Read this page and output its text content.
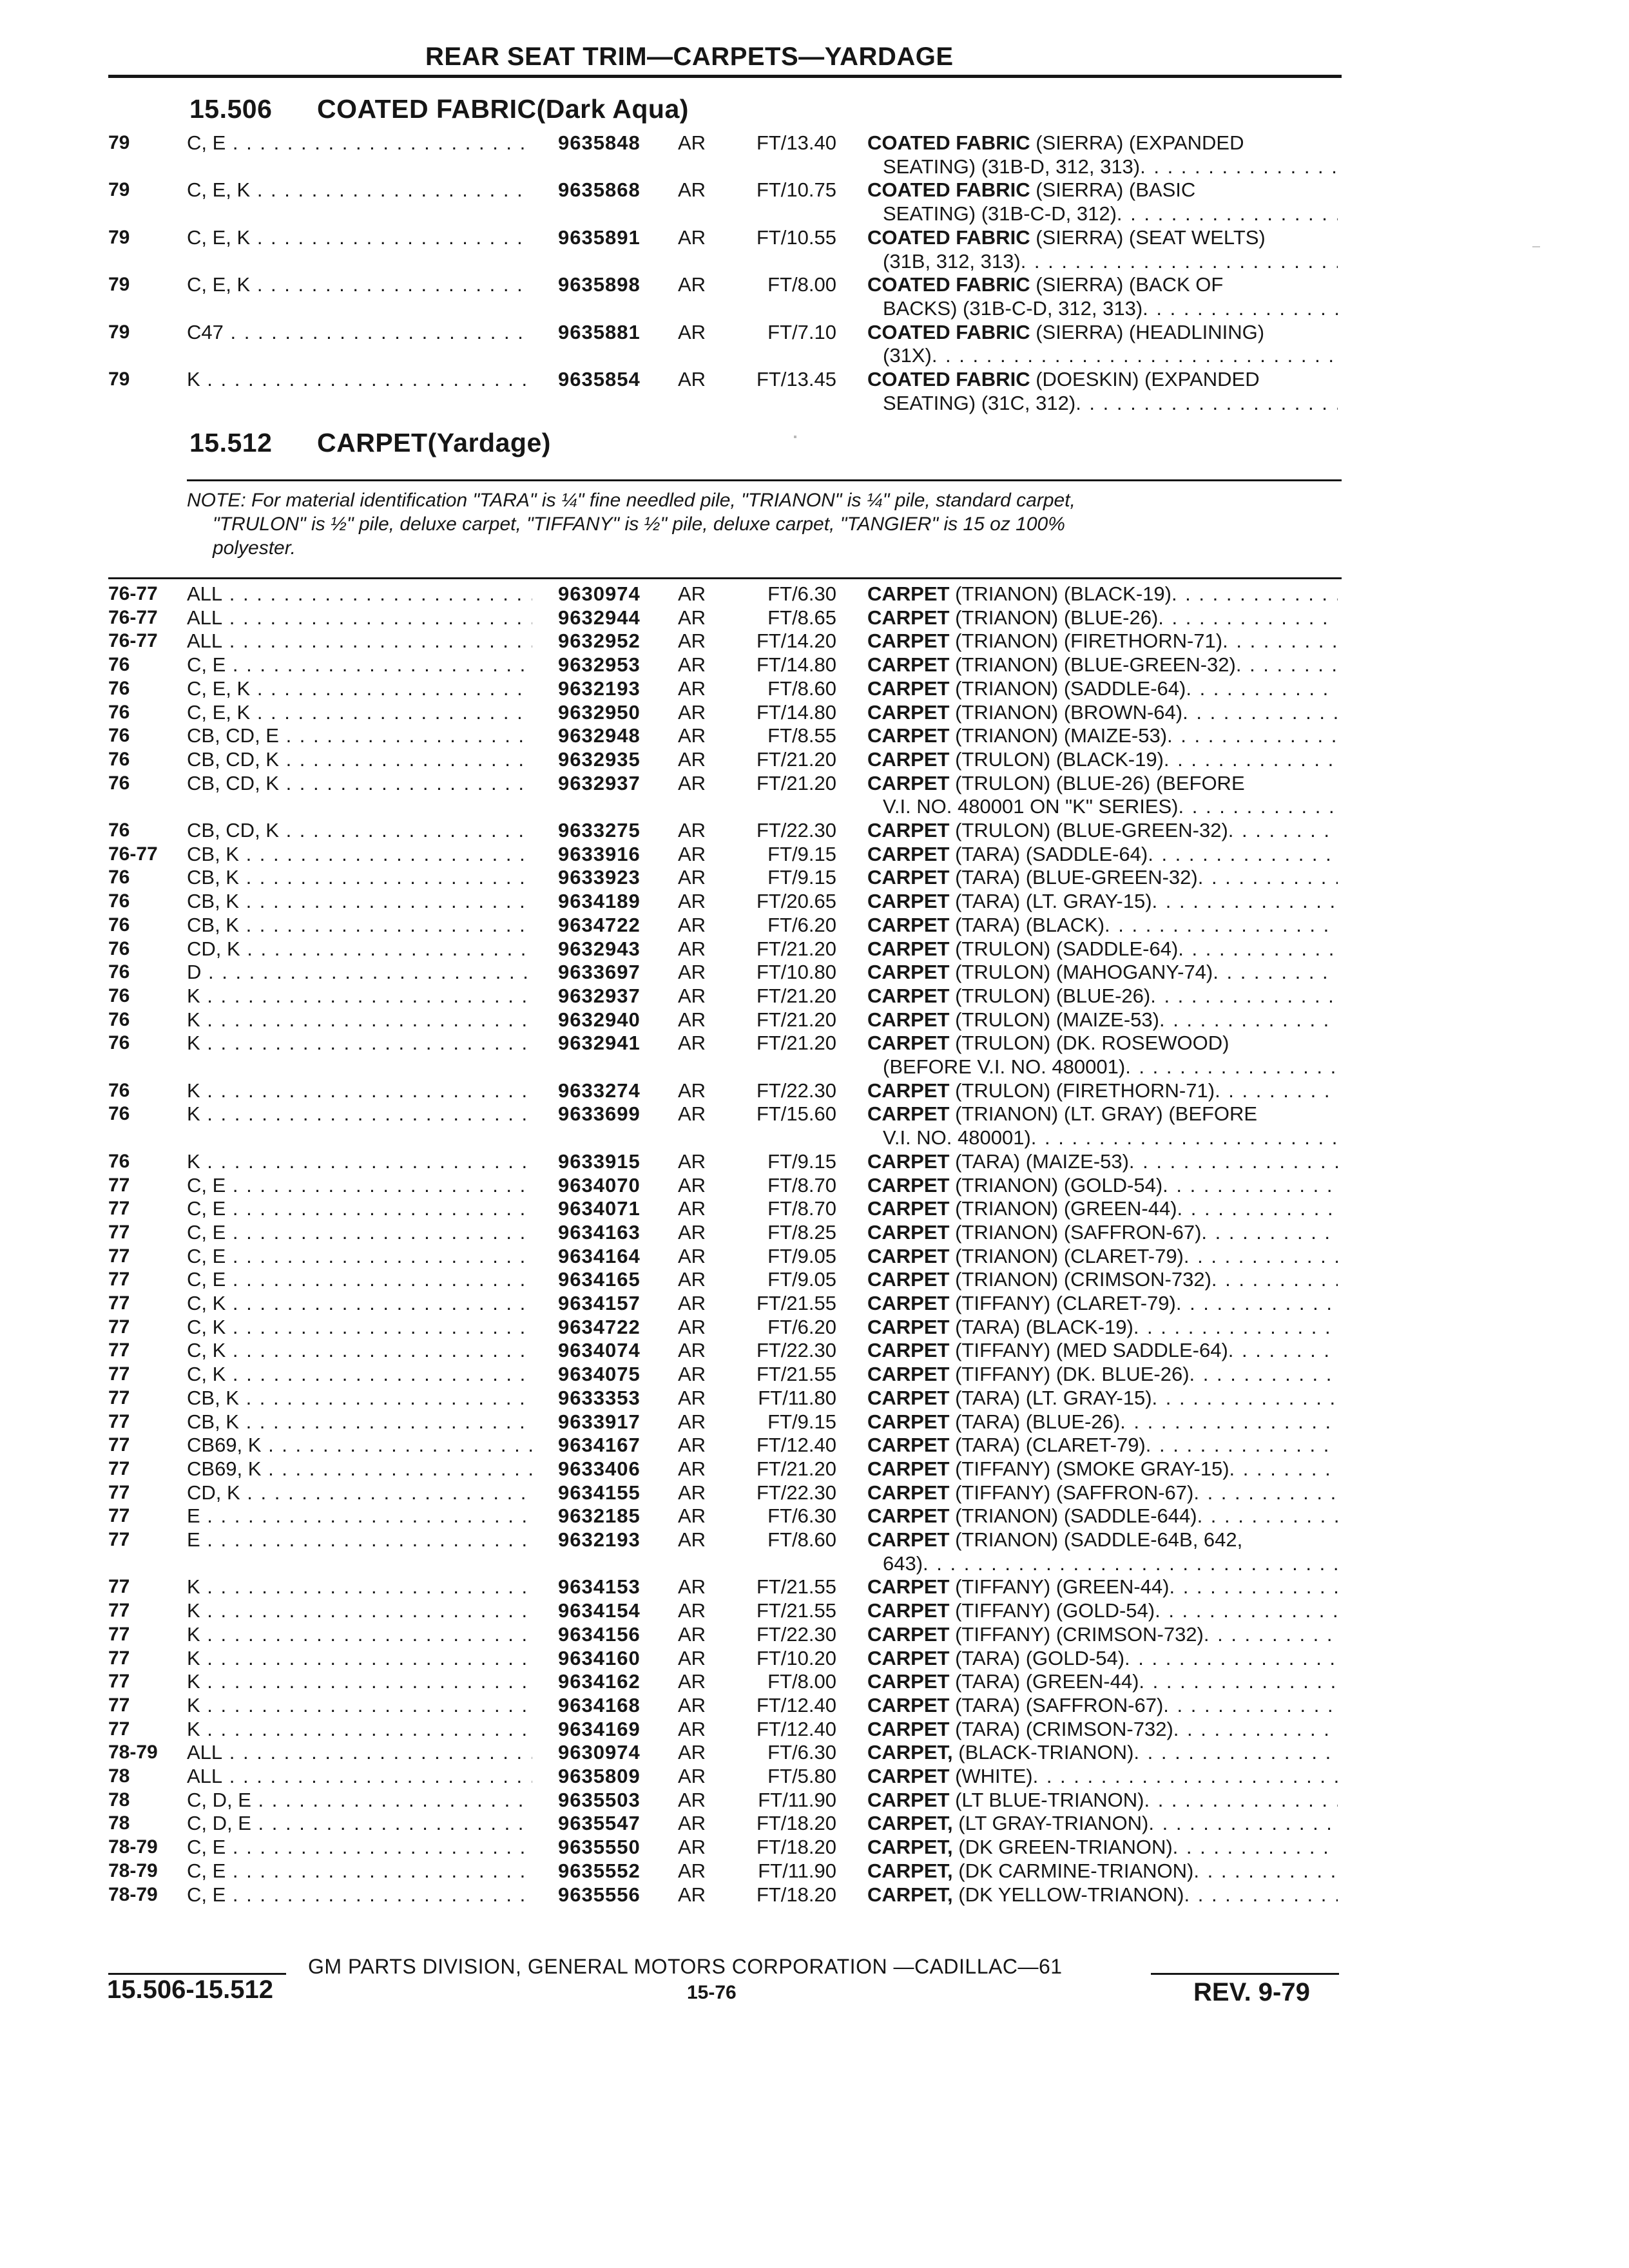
REAR SEAT TRIM—CARPETS—YARDAGE
15.506 COATED FABRIC(Dark Aqua)
79	C, E . . .	9635848 AR	FT/13.40 COATED FABRIC
(SIERRA) (EXPANDED
SEATING) (31B-D, 312, 313)
. . .
79	C, E, K . . .	9635868 AR	FT/10.75 COATED FABRIC
(SIERRA) (BASIC
SEATING) (31B-C-D, 312)
. . .
79	C, E, K . . .	9635891 AR	FT/10.55 COATED FABRIC
(SIERRA) (SEAT WELTS)
(31B, 312, 313)
. . .
79	C, E, K . . .	9635898 AR	FT/8.00 COATED FABRIC
(SIERRA) (BACK OF
BACKS) (31B-C-D, 312, 313)
. . .
79	C47 . . .	9635881 AR	FT/7.10 COATED FABRIC
(SIERRA) (HEADLINING)
(31X)
. . .
79	K . . .	9635854 AR	FT/13.45 COATED FABRIC
(DOESKIN) (EXPANDED
SEATING) (31C, 312)
. . .
15.512 CARPET(Yardage)
NOTE: For material identification "TARA" is ¼" fine needled pile, "TRIANON" is ¼" pile, standard carpet,
"TRULON" is ½" pile, deluxe carpet, "TIFFANY" is ½" pile, deluxe carpet, "TANGIER" is 15 oz 100%
polyester.
76-77 ALL . . .	9630974 AR	FT/6.30 CARPET
(TRIANON) (BLACK-19)
. . .
76-77 ALL . . .	9632944 AR	FT/8.65 CARPET
(TRIANON) (BLUE-26)
. . .
76-77 ALL . . .	9632952 AR	FT/14.20 CARPET
(TRIANON) (FIRETHORN-71)
. . .
76	C, E . . .	9632953 AR	FT/14.80 CARPET
(TRIANON) (BLUE-GREEN-32)
. . .
76	C, E, K . . .	9632193 AR	FT/8.60 CARPET
(TRIANON) (SADDLE-64)
. . .
76	C, E, K . . .	9632950 AR	FT/14.80 CARPET
(TRIANON) (BROWN-64)
. . .
76	CB, CD, E . . .	9632948 AR	FT/8.55 CARPET
(TRIANON) (MAIZE-53)
. . .
76	CB, CD, K . . .	9632935 AR	FT/21.20 CARPET
(TRULON) (BLACK-19)
. . .
76	CB, CD, K . . .	9632937 AR	FT/21.20 CARPET
(TRULON) (BLUE-26) (BEFORE
V.I. NO. 480001 ON "K" SERIES)
. . .
76	CB, CD, K . . .	9633275 AR	FT/22.30 CARPET
(TRULON) (BLUE-GREEN-32)
. . .
76-77 CB, K . . .	9633916 AR	FT/9.15 CARPET
(TARA) (SADDLE-64)
. . .
76	CB, K . . .	9633923 AR	FT/9.15 CARPET
(TARA) (BLUE-GREEN-32)
. . .
76	CB, K . . .	9634189 AR	FT/20.65 CARPET
(TARA) (LT. GRAY-15)
. . .
76	CB, K . . .	9634722 AR	FT/6.20 CARPET
(TARA) (BLACK)
. . .
76	CD, K . . .	9632943 AR	FT/21.20 CARPET
(TRULON) (SADDLE-64)
. . .
76	D . . .	9633697 AR	FT/10.80 CARPET
(TRULON) (MAHOGANY-74)
. . .
76	K . . .	9632937 AR	FT/21.20 CARPET
(TRULON) (BLUE-26)
. . .
76	K . . .	9632940 AR	FT/21.20 CARPET
(TRULON) (MAIZE-53)
. . .
76	K . . .	9632941 AR	FT/21.20 CARPET
(TRULON) (DK. ROSEWOOD)
(BEFORE V.I. NO. 480001)
. . .
76	K . . .	9633274 AR	FT/22.30 CARPET
(TRULON) (FIRETHORN-71)
. . .
76	K . . .	9633699 AR	FT/15.60 CARPET
(TRIANON) (LT. GRAY) (BEFORE
V.I. NO. 480001)
. . .
76	K . . .	9633915 AR	FT/9.15 CARPET
(TARA) (MAIZE-53)
. . .
77	C, E . . .	9634070 AR	FT/8.70 CARPET
(TRIANON) (GOLD-54)
. . .
77	C, E . . .	9634071 AR	FT/8.70 CARPET
(TRIANON) (GREEN-44)
. . .
77	C, E . . .	9634163 AR	FT/8.25 CARPET
(TRIANON) (SAFFRON-67)
. . .
77	C, E . . .	9634164 AR	FT/9.05 CARPET
(TRIANON) (CLARET-79)
. . .
77	C, E . . .	9634165 AR	FT/9.05 CARPET
(TRIANON) (CRIMSON-732)
. . .
77	C, K . . .	9634157 AR	FT/21.55 CARPET
(TIFFANY) (CLARET-79)
. . .
77	C, K . . .	9634722 AR	FT/6.20 CARPET
(TARA) (BLACK-19)
. . .
77	C, K . . .	9634074 AR	FT/22.30 CARPET
(TIFFANY) (MED SADDLE-64)
. . .
77	C, K . . .	9634075 AR	FT/21.55 CARPET
(TIFFANY) (DK. BLUE-26)
. . .
77	CB, K . . .	9633353 AR	FT/11.80 CARPET
(TARA) (LT. GRAY-15)
. . .
77	CB, K . . .	9633917 AR	FT/9.15 CARPET
(TARA) (BLUE-26)
. . .
77	CB69, K . . .	9634167 AR	FT/12.40 CARPET
(TARA) (CLARET-79)
. . .
77	CB69, K . . .	9633406 AR	FT/21.20 CARPET
(TIFFANY) (SMOKE GRAY-15)
. . .
77	CD, K . . .	9634155 AR	FT/22.30 CARPET
(TIFFANY) (SAFFRON-67)
. . .
77	E . . .	9632185 AR	FT/6.30 CARPET
(TRIANON) (SADDLE-644)
. . .
77	E . . .	9632193 AR	FT/8.60 CARPET
(TRIANON) (SADDLE-64B, 642,
643)
. . .
77	K . . .	9634153 AR	FT/21.55 CARPET
(TIFFANY) (GREEN-44)
. . .
77	K . . .	9634154 AR	FT/21.55 CARPET
(TIFFANY) (GOLD-54)
. . .
77	K . . .	9634156 AR	FT/22.30 CARPET
(TIFFANY) (CRIMSON-732)
. . .
77	K . . .	9634160 AR	FT/10.20 CARPET
(TARA) (GOLD-54)
. . .
77	K . . .	9634162 AR	FT/8.00 CARPET
(TARA) (GREEN-44)
. . .
77	K . . .	9634168 AR	FT/12.40 CARPET
(TARA) (SAFFRON-67)
. . .
77	K . . .	9634169 AR	FT/12.40 CARPET
(TARA) (CRIMSON-732)
. . .
78-79 ALL . . .	9630974 AR	FT/6.30 CARPET,
(BLACK-TRIANON)
. . .
78	ALL . . .	9635809 AR	FT/5.80 CARPET
(WHITE)
. . .
78	C, D, E . . .	9635503 AR	FT/11.90 CARPET
(LT BLUE-TRIANON)
. . .
78	C, D, E . . .	9635547 AR	FT/18.20 CARPET,
(LT GRAY-TRIANON)
. . .
78-79 C, E . . .	9635550 AR	FT/18.20 CARPET,
(DK GREEN-TRIANON)
. . .
78-79 C, E . . .	9635552 AR	FT/11.90 CARPET,
(DK CARMINE-TRIANON)
. . .
78-79 C, E . . .	9635556 AR	FT/18.20 CARPET,
(DK YELLOW-TRIANON)
. . .
GM PARTS DIVISION, GENERAL MOTORS CORPORATION —CADILLAC—61
15.506-15.512	15-76	REV. 9-79
